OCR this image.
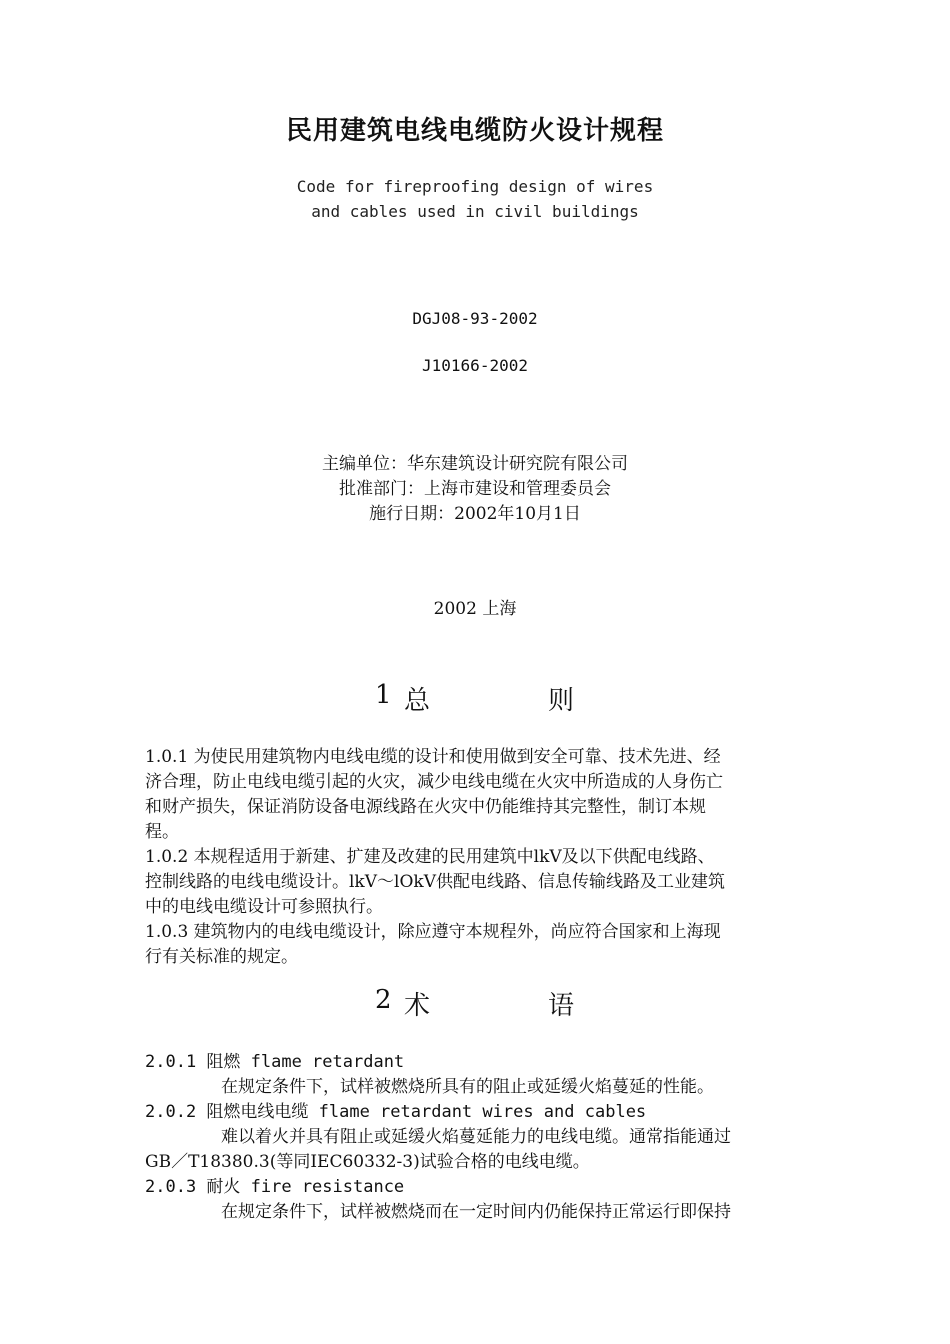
民用建筑电线电缆防火设计规程
Code for fireproofing design of wires
and cables used in civil buildings
DGJ08-93-2002
J10166-2002
主编单位：华东建筑设计研究院有限公司
批准部门：上海市建设和管理委员会
施行日期：2002年10月1日
2002 上海
1 总	则
1.0.1 为使民用建筑物内电线电缆的设计和使用做到安全可靠、技术先进、经
济合理，防止电线电缆引起的火灾，减少电线电缆在火灾中所造成的人身伤亡
和财产损失，保证消防设备电源线路在火灾中仍能维持其完整性，制订本规
程。
1.0.2 本规程适用于新建、扩建及改建的民用建筑中lkV及以下供配电线路、
控制线路的电线电缆设计。lkV～lOkV供配电线路、信息传输线路及工业建筑
中的电线电缆设计可参照执行。
1.0.3 建筑物内的电线电缆设计，除应遵守本规程外，尚应符合国家和上海现
行有关标准的规定。
2 术	语
2.0.1 阻燃 flame retardant
在规定条件下，试样被燃烧所具有的阻止或延缓火焰蔓延的性能。
2.0.2 阻燃电线电缆 flame retardant wires and cables
难以着火并具有阻止或延缓火焰蔓延能力的电线电缆。通常指能通过
GB／T18380.3(等同IEC60332-3)试验合格的电线电缆。
2.0.3 耐火 fire resistance
在规定条件下，试样被燃烧而在一定时间内仍能保持正常运行即保持
